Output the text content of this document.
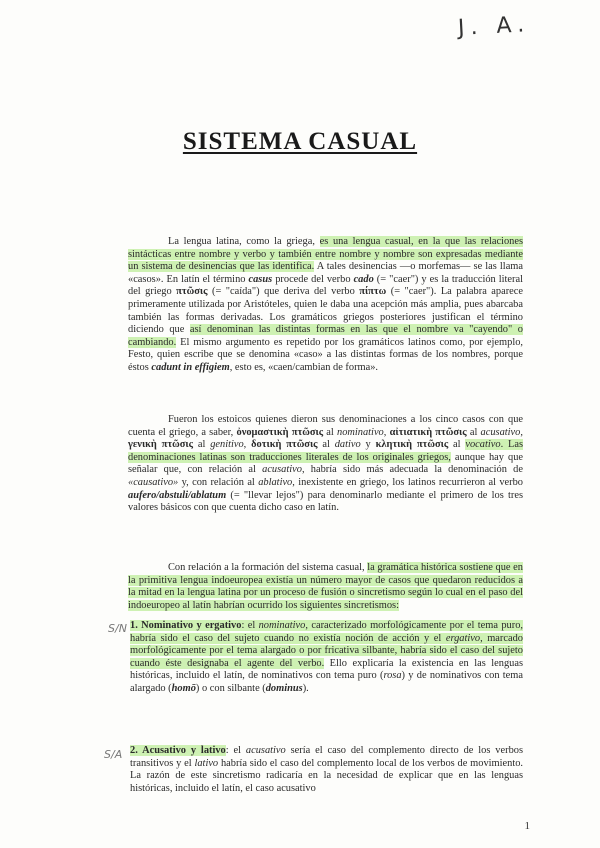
J. A.
SISTEMA CASUAL

La lengua latina, como la griega, es una lengua casual, en la que las relaciones sintácticas entre nombre y verbo y también entre nombre y nombre son expresadas mediante un sistema de desinencias que las identifica. A tales desinencias —o morfemas— se las llama «casos». En latín el término casus procede del verbo cado (= "caer") y es la traducción literal del griego πτῶσις (= "caída") que deriva del verbo πίπτω (= "caer"). La palabra aparece primeramente utilizada por Aristóteles, quien le daba una acepción más amplia, pues abarcaba también las formas derivadas. Los gramáticos griegos posteriores justifican el término diciendo que así denominan las distintas formas en las que el nombre va "cayendo" o cambiando. El mismo argumento es repetido por los gramáticos latinos como, por ejemplo, Festo, quien escribe que se denomina «caso» a las distintas formas de los nombres, porque éstos cadunt in effigiem, esto es, «caen/cambian de forma».

Fueron los estoicos quienes dieron sus denominaciones a los cinco casos con que cuenta el griego, a saber, ὀνομαστικὴ πτῶσις al nominativo, αἰτιατικὴ πτῶσις al acusativo, γενικὴ πτῶσις al genitivo, δοτικὴ πτῶσις al dativo y κλητικὴ πτῶσις al vocativo. Las denominaciones latinas son traducciones literales de los originales griegos, aunque hay que señalar que, con relación al acusativo, habría sido más adecuada la denominación de «causativo» y, con relación al ablativo, inexistente en griego, los latinos recurrieron al verbo aufero/abstuli/ablatum (= "llevar lejos") para denominarlo mediante el primero de los tres valores básicos con que cuenta dicho caso en latín.

Con relación a la formación del sistema casual, la gramática histórica sostiene que en la primitiva lengua indoeuropea existía un número mayor de casos que quedaron reducidos a la mitad en la lengua latina por un proceso de fusión o sincretismo según lo cual en el paso del indoeuropeo al latín habrían ocurrido los siguientes sincretismos:

S/N 1. Nominativo y ergativo: el nominativo, caracterizado morfológicamente por el tema puro, habría sido el caso del sujeto cuando no existía noción de acción y el ergativo, marcado morfológicamente por el tema alargado o por fricativa silbante, habría sido el caso del sujeto cuando éste designaba el agente del verbo. Ello explicaría la existencia en las lenguas históricas, incluido el latín, de nominativos con tema puro (rosa) y de nominativos con tema alargado (homō) o con silbante (dominus).
S/A 2. Acusativo y lativo: el acusativo sería el caso del complemento directo de los verbos transitivos y el lativo habría sido el caso del complemento local de los verbos de movimiento. La razón de este sincretismo radicaría en la necesidad de explicar que en las lenguas históricas, incluido el latín, el caso acusativo
1
